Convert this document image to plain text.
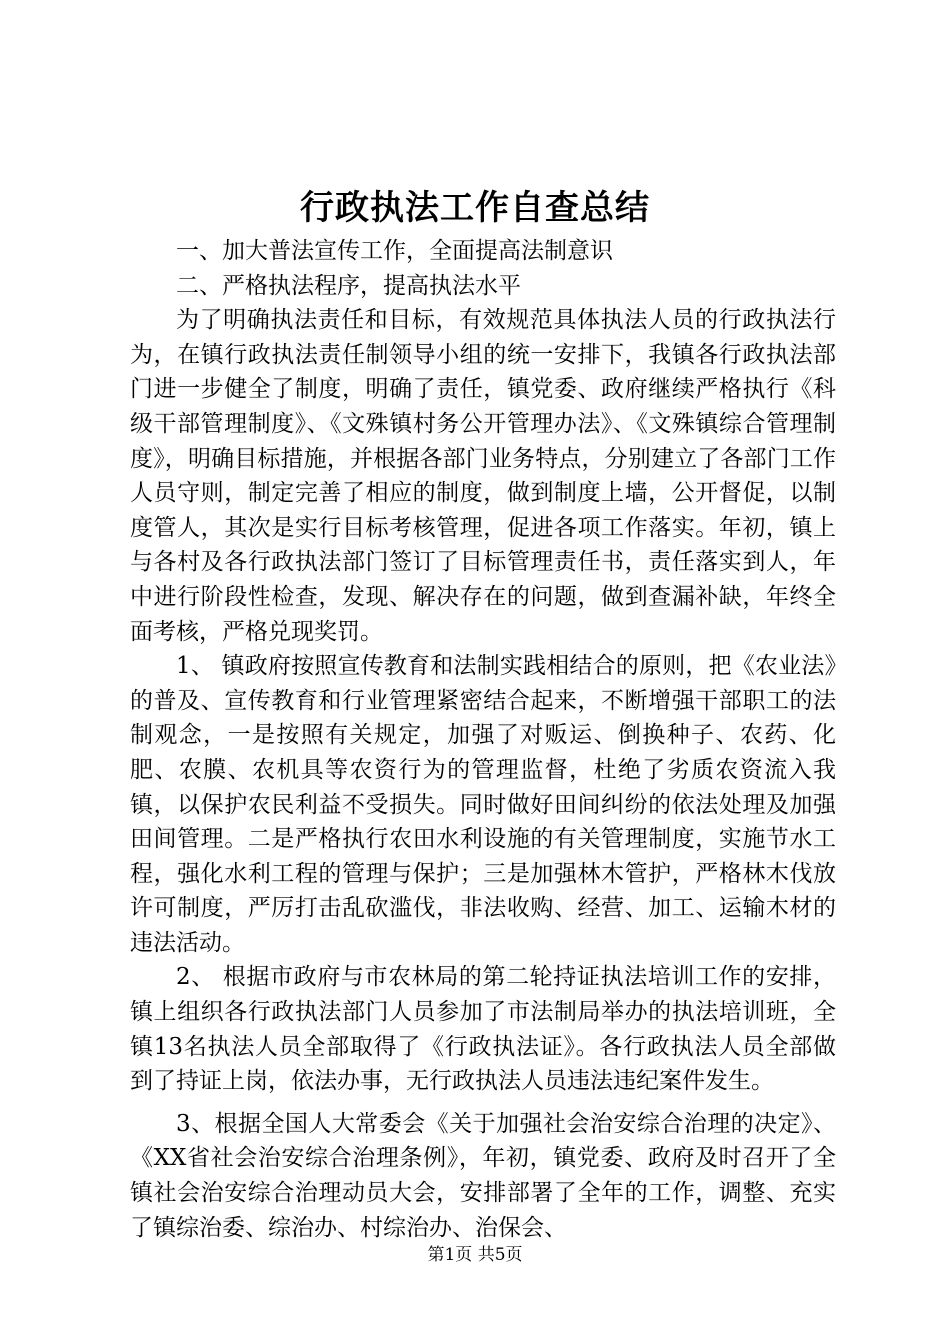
行政执法工作自查总结

一、加大普法宣传工作，全面提高法制意识

二、严格执法程序，提高执法水平

为了明确执法责任和目标，有效规范具体执法人员的行政执法行为，在镇行政执法责任制领导小组的统一安排下，我镇各行政执法部门进一步健全了制度，明确了责任，镇党委、政府继续严格执行《科级干部管理制度》、《文殊镇村务公开管理办法》、《文殊镇综合管理制度》，明确目标措施，并根据各部门业务特点，分别建立了各部门工作人员守则，制定完善了相应的制度，做到制度上墙，公开督促，以制度管人，其次是实行目标考核管理，促进各项工作落实。年初，镇上与各村及各行政执法部门签订了目标管理责任书，责任落实到人，年中进行阶段性检查，发现、解决存在的问题，做到查漏补缺，年终全面考核，严格兑现奖罚。

1、 镇政府按照宣传教育和法制实践相结合的原则，把《农业法》的普及、宣传教育和行业管理紧密结合起来，不断增强干部职工的法制观念，一是按照有关规定，加强了对贩运、倒换种子、农药、化肥、农膜、农机具等农资行为的管理监督，杜绝了劣质农资流入我镇，以保护农民利益不受损失。同时做好田间纠纷的依法处理及加强田间管理。二是严格执行农田水利设施的有关管理制度，实施节水工程，强化水利工程的管理与保护；三是加强林木管护，严格林木伐放许可制度，严厉打击乱砍滥伐，非法收购、经营、加工、运输木材的违法活动。

2、 根据市政府与市农林局的第二轮持证执法培训工作的安排，镇上组织各行政执法部门人员参加了市法制局举办的执法培训班，全镇13名执法人员全部取得了《行政执法证》。各行政执法人员全部做到了持证上岗，依法办事，无行政执法人员违法违纪案件发生。

3、根据全国人大常委会《关于加强社会治安综合治理的决定》、《XX省社会治安综合治理条例》，年初，镇党委、政府及时召开了全镇社会治安综合治理动员大会，安排部署了全年的工作，调整、充实了镇综治委、综治办、村综治办、治保会、

第1页 共5页
